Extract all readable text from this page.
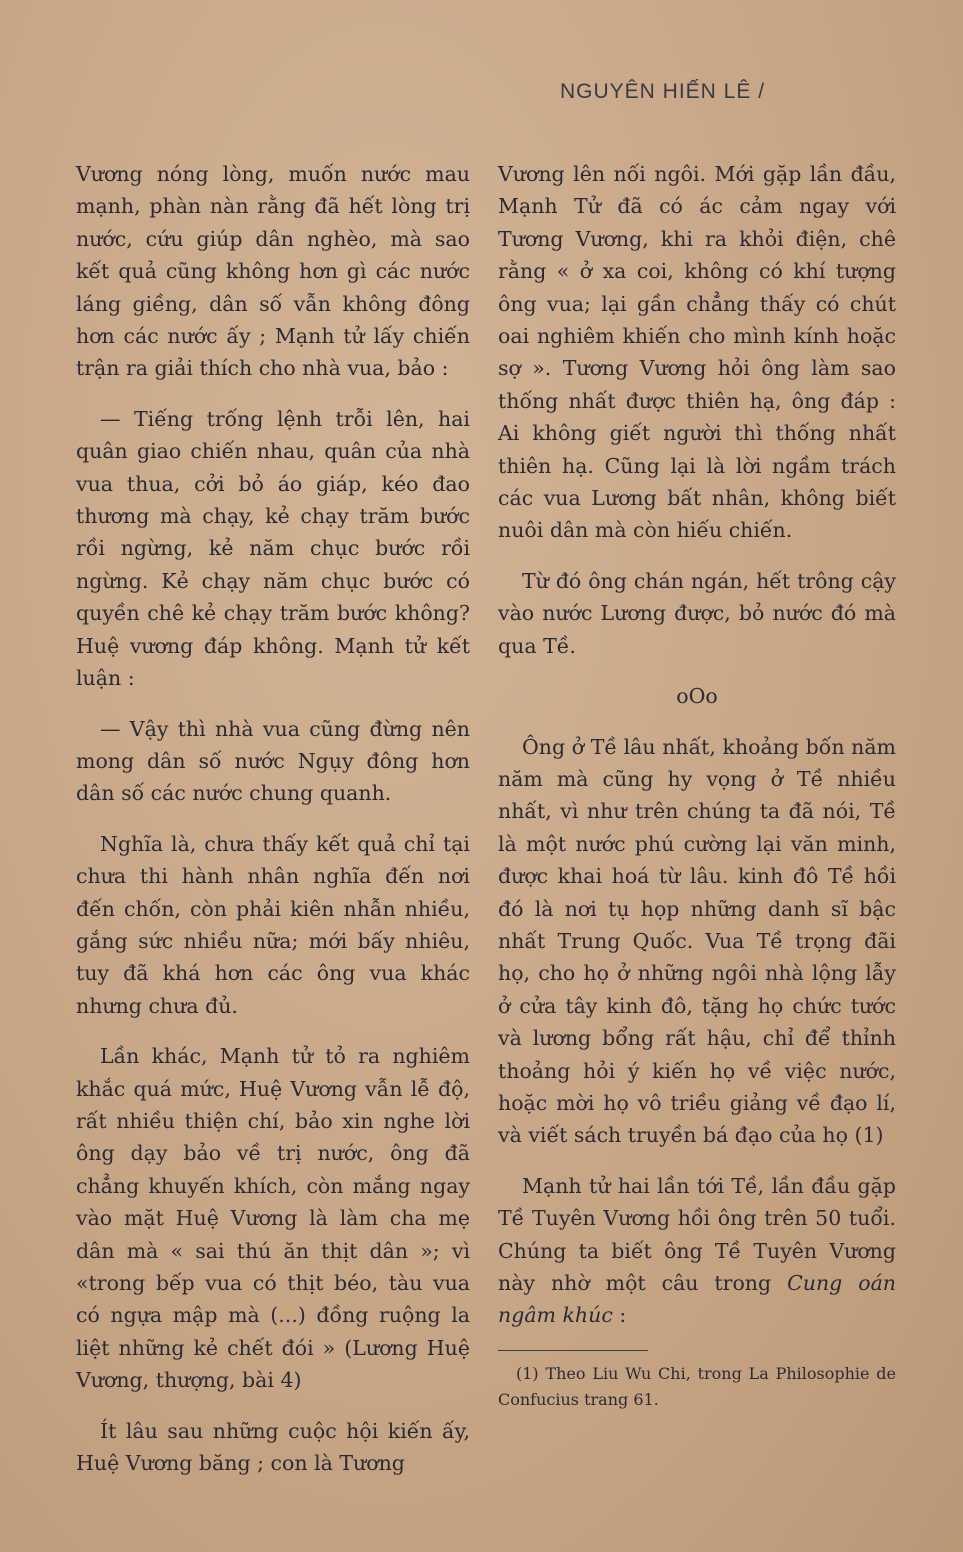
NGUYÊN HIẾN LÊ /

Vương nóng lòng, muốn nước mau mạnh, phàn nàn rằng đã hết lòng trị nước, cứu giúp dân nghèo, mà sao kết quả cũng không hơn gì các nước láng giềng, dân số vẫn không đông hơn các nước ấy ; Mạnh tử lấy chiến trận ra giải thích cho nhà vua, bảo :

— Tiếng trống lệnh trỗi lên, hai quân giao chiến nhau, quân của nhà vua thua, cởi bỏ áo giáp, kéo đao thương mà chạy, kẻ chạy trăm bước rồi ngừng, kẻ năm chục bước rồi ngừng. Kẻ chạy năm chục bước có quyền chê kẻ chạy trăm bước không? Huệ vương đáp không. Mạnh tử kết luận :

— Vậy thì nhà vua cũng đừng nên mong dân số nước Ngụy đông hơn dân số các nước chung quanh.

Nghĩa là, chưa thấy kết quả chỉ tại chưa thi hành nhân nghĩa đến nơi đến chốn, còn phải kiên nhẫn nhiều, gắng sức nhiều nữa; mới bấy nhiêu, tuy đã khá hơn các ông vua khác nhưng chưa đủ.

Lần khác, Mạnh tử tỏ ra nghiêm khắc quá mức, Huệ Vương vẫn lễ độ, rất nhiều thiện chí, bảo xin nghe lời ông dạy bảo về trị nước, ông đã chẳng khuyến khích, còn mắng ngay vào mặt Huệ Vương là làm cha mẹ dân mà « sai thú ăn thịt dân »; vì «trong bếp vua có thịt béo, tàu vua có ngựa mập mà (...) đồng ruộng la liệt những kẻ chết đói » (Lương Huệ Vương, thượng, bài 4)

Ít lâu sau những cuộc hội kiến ấy, Huệ Vương băng ; con là Tương

Vương lên nối ngôi. Mới gặp lần đầu, Mạnh Tử đã có ác cảm ngay với Tương Vương, khi ra khỏi điện, chê rằng « ở xa coi, không có khí tượng ông vua; lại gần chẳng thấy có chút oai nghiêm khiến cho mình kính hoặc sợ ». Tương Vương hỏi ông làm sao thống nhất được thiên hạ, ông đáp : Ai không giết người thì thống nhất thiên hạ. Cũng lại là lời ngầm trách các vua Lương bất nhân, không biết nuôi dân mà còn hiếu chiến.

Từ đó ông chán ngán, hết trông cậy vào nước Lương được, bỏ nước đó mà qua Tề.

oOo

Ông ở Tề lâu nhất, khoảng bốn năm năm mà cũng hy vọng ở Tề nhiều nhất, vì như trên chúng ta đã nói, Tề là một nước phú cường lại văn minh, được khai hoá từ lâu. kinh đô Tề hồi đó là nơi tụ họp những danh sĩ bậc nhất Trung Quốc. Vua Tề trọng đãi họ, cho họ ở những ngôi nhà lộng lẫy ở cửa tây kinh đô, tặng họ chức tước và lương bổng rất hậu, chỉ để thỉnh thoảng hỏi ý kiến họ về việc nước, hoặc mời họ vô triều giảng về đạo lí, và viết sách truyền bá đạo của họ (1)

Mạnh tử hai lần tới Tề, lần đầu gặp Tề Tuyên Vương hồi ông trên 50 tuổi. Chúng ta biết ông Tề Tuyên Vương này nhờ một câu trong Cung oán ngâm khúc :

(1) Theo Liu Wu Chi, trong La Philosophie de Confucius trang 61.
